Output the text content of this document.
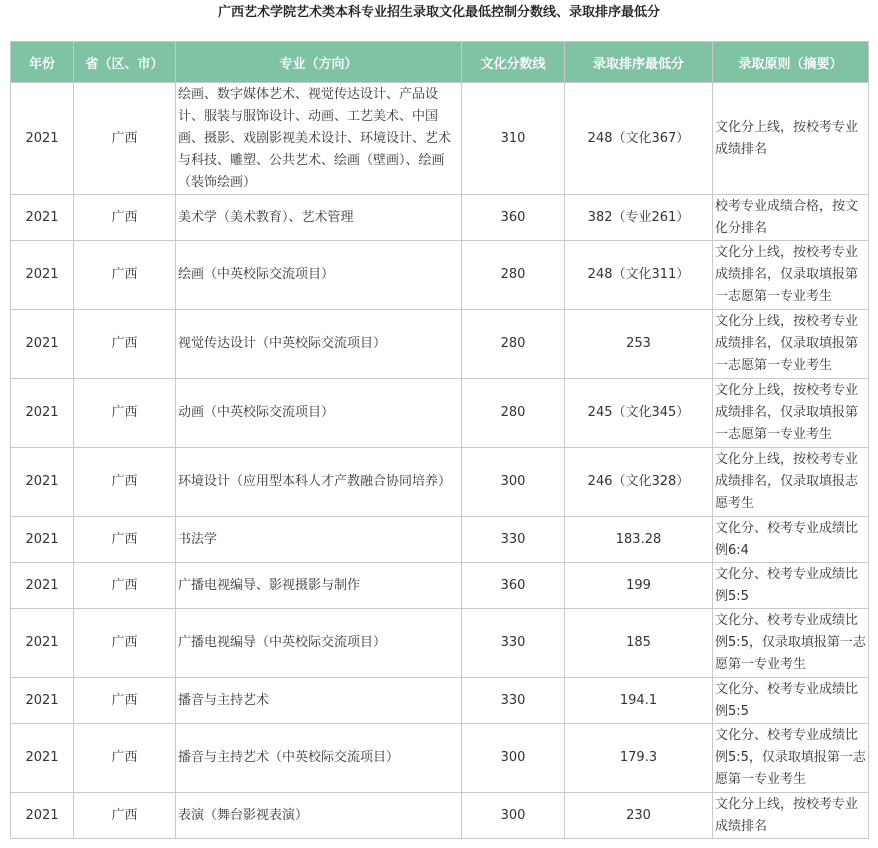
广西艺术学院艺术类本科专业招生录取文化最低控制分数线、录取排序最低分
年份	省（区、市）	专业（方向）	文化分数线	录取排序最低分	录取原则（摘要）
2021	广西	绘画、数字媒体艺术、视觉传达设计、产品设计、服装与服饰设计、动画、工艺美术、中国画、摄影、戏剧影视美术设计、环境设计、艺术与科技、雕塑、公共艺术、绘画（壁画）、绘画（装饰绘画）	310	248（文化367）	文化分上线，按校考专业成绩排名
2021	广西	美术学（美术教育）、艺术管理	360	382（专业261）	校考专业成绩合格，按文化分排名
2021	广西	绘画（中英校际交流项目）	280	248（文化311）	文化分上线，按校考专业成绩排名，仅录取填报第一志愿第一专业考生
2021	广西	视觉传达设计（中英校际交流项目）	280	253	文化分上线，按校考专业成绩排名，仅录取填报第一志愿第一专业考生
2021	广西	动画（中英校际交流项目）	280	245（文化345）	文化分上线，按校考专业成绩排名，仅录取填报第一志愿第一专业考生
2021	广西	环境设计（应用型本科人才产教融合协同培养）	300	246（文化328）	文化分上线，按校考专业成绩排名，仅录取填报志愿考生
2021	广西	书法学	330	183.28	文化分、校考专业成绩比例6:4
2021	广西	广播电视编导、影视摄影与制作	360	199	文化分、校考专业成绩比例5:5
2021	广西	广播电视编导（中英校际交流项目）	330	185	文化分、校考专业成绩比例5:5，仅录取填报第一志愿第一专业考生
2021	广西	播音与主持艺术	330	194.1	文化分、校考专业成绩比例5:5
2021	广西	播音与主持艺术（中英校际交流项目）	300	179.3	文化分、校考专业成绩比例5:5，仅录取填报第一志愿第一专业考生
2021	广西	表演（舞台影视表演）	300	230	文化分上线，按校考专业成绩排名
